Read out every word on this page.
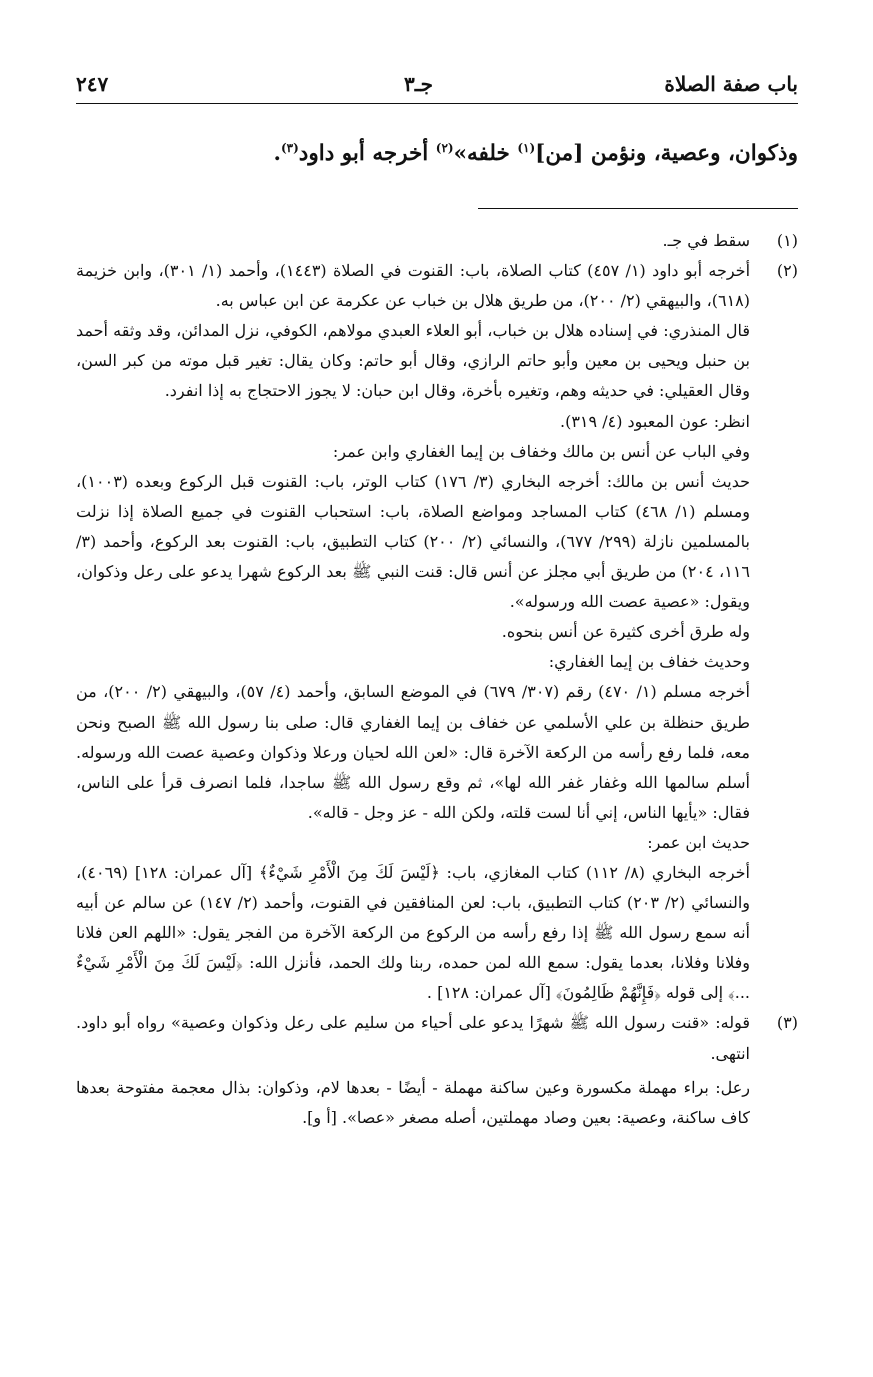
باب صفة الصلاة
جـ٣
٢٤٧
وذكوان، وعصية، ونؤمن [من]$^{(١)}$ خلفه»$^{(٢)}$ أخرجه أبو داود$^{(٣)}$.
(١)

سقط في جـ.

(٢)

أخرجه أبو داود (١/ ٤٥٧) كتاب الصلاة، باب: القنوت في الصلاة (١٤٤٣)، وأحمد (١/ ٣٠١)، وابن خزيمة (٦١٨)، والبيهقي (٢/ ٢٠٠)، من طريق هلال بن خباب عن عكرمة عن ابن عباس به.

قال المنذري: في إسناده هلال بن خباب، أبو العلاء العبدي مولاهم، الكوفي، نزل المدائن، وقد وثقه أحمد بن حنبل ويحيى بن معين وأبو حاتم الرازي، وقال أبو حاتم: وكان يقال: تغير قبل موته من كبر السن، وقال العقيلي: في حديثه وهم، وتغيره بأخرة، وقال ابن حبان: لا يجوز الاحتجاج به إذا انفرد.

انظر: عون المعبود (٤/ ٣١٩).

وفي الباب عن أنس بن مالك وخفاف بن إيما الغفاري وابن عمر:

حديث أنس بن مالك: أخرجه البخاري (٣/ ١٧٦) كتاب الوتر، باب: القنوت قبل الركوع وبعده (١٠٠٣)، ومسلم (١/ ٤٦٨) كتاب المساجد ومواضع الصلاة، باب: استحباب القنوت في جميع الصلاة إذا نزلت بالمسلمين نازلة (٢٩٩/ ٦٧٧)، والنسائي (٢/ ٢٠٠) كتاب التطبيق، باب: القنوت بعد الركوع، وأحمد (٣/ ١١٦، ٢٠٤) من طريق أبي مجلز عن أنس قال: قنت النبي ﷺ بعد الركوع شهرا يدعو على رعل وذكوان، ويقول: «عصية عصت الله ورسوله».

وله طرق أخرى كثيرة عن أنس بنحوه.

وحديث خفاف بن إيما الغفاري:

أخرجه مسلم (١/ ٤٧٠) رقم (٣٠٧/ ٦٧٩) في الموضع السابق، وأحمد (٤/ ٥٧)، والبيهقي (٢/ ٢٠٠)، من طريق حنظلة بن علي الأسلمي عن خفاف بن إيما الغفاري قال: صلى بنا رسول الله ﷺ الصبح ونحن معه، فلما رفع رأسه من الركعة الآخرة قال: «لعن الله لحيان ورعلا وذكوان وعصية عصت الله ورسوله. أسلم سالمها الله وغفار غفر الله لها»، ثم وقع رسول الله ﷺ ساجدا، فلما انصرف قرأ على الناس، فقال: «يأيها الناس، إني أنا لست قلته، ولكن الله - عز وجل - قاله».

حديث ابن عمر:

أخرجه البخاري (٨/ ١١٢) كتاب المغازي، باب: ﴿لَيْسَ لَكَ مِنَ الْأَمْرِ شَيْءٌ﴾ [آل عمران: ١٢٨] (٤٠٦٩)، والنسائي (٢/ ٢٠٣) كتاب التطبيق، باب: لعن المنافقين في القنوت، وأحمد (٢/ ١٤٧) عن سالم عن أبيه أنه سمع رسول الله ﷺ إذا رفع رأسه من الركوع من الركعة الآخرة من الفجر يقول: «اللهم العن فلانا وفلانا وفلانا، بعدما يقول: سمع الله لمن حمده، ربنا ولك الحمد، فأنزل الله: ﴿لَيْسَ لَكَ مِنَ الْأَمْرِ شَيْءٌ ...﴾ إلى قوله ﴿فَإِنَّهُمْ ظَالِمُونَ﴾ [آل عمران: ١٢٨] .

(٣)

قوله: «قنت رسول الله ﷺ شهرًا يدعو على أحياء من سليم على رعل وذكوان وعصية» رواه أبو داود. انتهى.

رعل: براء مهملة مكسورة وعين ساكنة مهملة - أيضًا - بعدها لام، وذكوان: بذال معجمة مفتوحة بعدها كاف ساكنة، وعصية: بعين وصاد مهملتين، أصله مصغر «عصا». [أ و].
